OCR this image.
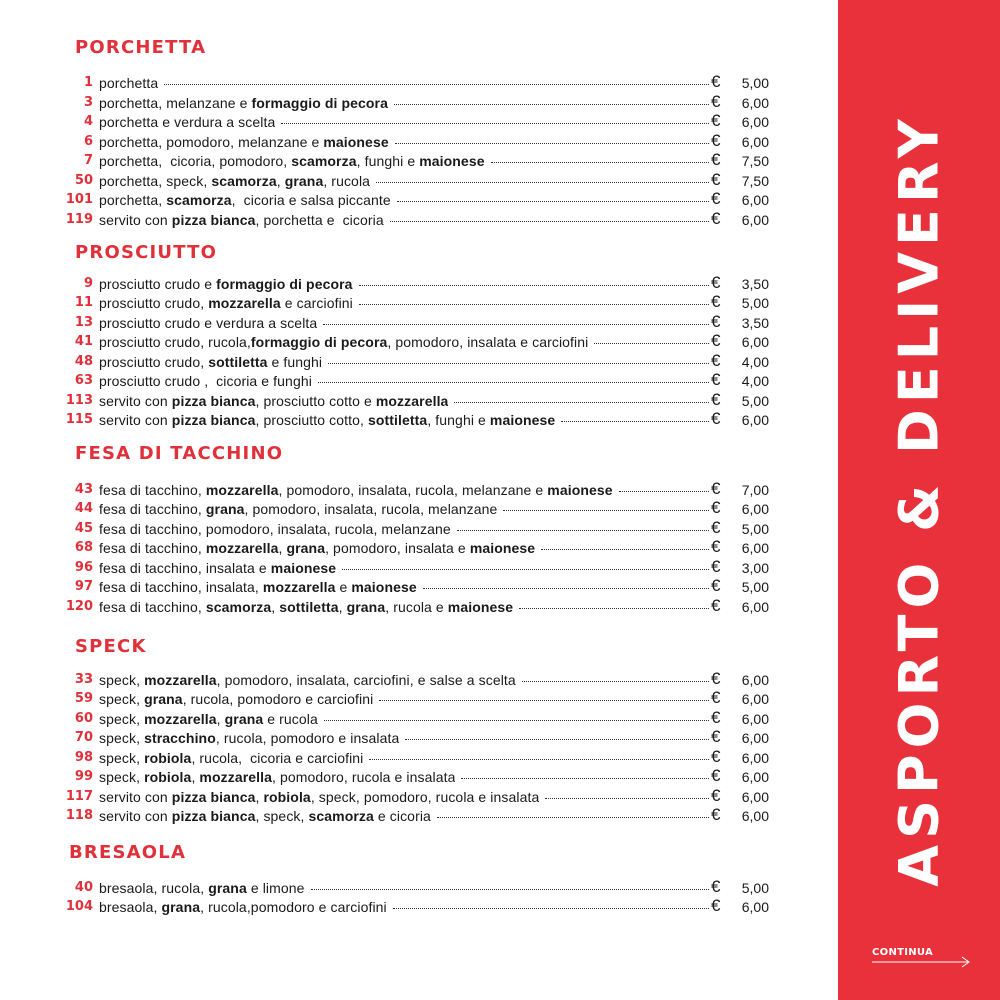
PORCHETTA
1 porchetta	€	5,00
3 porchetta, melanzane e formaggio di pecora	€	6,00
4 porchetta e verdura a scelta	€	6,00
6 porchetta, pomodoro, melanzane e maionese	€	6,00
7 porchetta,  cicoria, pomodoro, scamorza, funghi e maionese	€	7,50
50 porchetta, speck, scamorza, grana, rucola	€	7,50
101 porchetta, scamorza,  cicoria e salsa piccante	€	6,00
119 servito con pizza bianca, porchetta e  cicoria	€	6,00
PROSCIUTTO
9 prosciutto crudo e formaggio di pecora	€	3,50
11 prosciutto crudo, mozzarella e carciofini	€	5,00
13 prosciutto crudo e verdura a scelta	€	3,50
41 prosciutto crudo, rucola,formaggio di pecora, pomodoro, insalata e carciofini	€	6,00
48 prosciutto crudo, sottiletta e funghi	€	4,00
63 prosciutto crudo ,  cicoria e funghi	€	4,00
113 servito con pizza bianca, prosciutto cotto e mozzarella	€	5,00
115 servito con pizza bianca, prosciutto cotto, sottiletta, funghi e maionese	€	6,00
FESA DI TACCHINO
43 fesa di tacchino, mozzarella, pomodoro, insalata, rucola, melanzane e maionese	€	7,00
44 fesa di tacchino, grana, pomodoro, insalata, rucola, melanzane	€	6,00
45 fesa di tacchino, pomodoro, insalata, rucola, melanzane	€	5,00
68 fesa di tacchino, mozzarella, grana, pomodoro, insalata e maionese	€	6,00
96 fesa di tacchino, insalata e maionese	€	3,00
97 fesa di tacchino, insalata, mozzarella e maionese	€	5,00
120 fesa di tacchino, scamorza, sottiletta, grana, rucola e maionese	€	6,00
SPECK
33 speck, mozzarella, pomodoro, insalata, carciofini, e salse a scelta	€	6,00
59 speck, grana, rucola, pomodoro e carciofini	€	6,00
60 speck, mozzarella, grana e rucola	€	6,00
70 speck, stracchino, rucola, pomodoro e insalata	€	6,00
98 speck, robiola, rucola,  cicoria e carciofini	€	6,00
99 speck, robiola, mozzarella, pomodoro, rucola e insalata	€	6,00
117 servito con pizza bianca, robiola, speck, pomodoro, rucola e insalata	€	6,00
118 servito con pizza bianca, speck, scamorza e cicoria	€	6,00
BRESAOLA
40 bresaola, rucola, grana e limone	€	5,00
104 bresaola, grana, rucola,pomodoro e carciofini	€	6,00
ASPORTO & DELIVERY
CONTINUA
